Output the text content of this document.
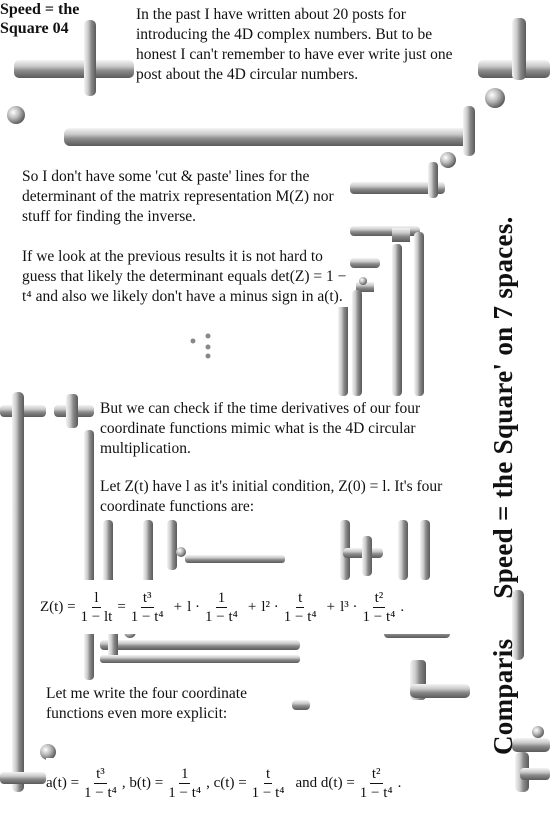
Speed = the
Square 04
In the past I have written about 20 posts for introducing the 4D complex numbers. But to be honest I can't remember to have ever write just one post about the 4D circular numbers.
So I don't have some 'cut & paste' lines for the determinant of the matrix representation M(Z) nor stuff for finding the inverse.
If we look at the previous results it is not hard to guess that likely the determinant equals det(Z) = 1 − t⁴ and also we likely don't have a minus sign in a(t).
But we can check if the time derivatives of our four coordinate functions mimic what is the 4D circular multiplication.
Let Z(t) have l as it's initial condition, Z(0) = l. It's four coordinate functions are:
$Z(t) = \frac{l}{1 - lt} = \frac{\text{t³}}{\text{1 − t⁴}} + l \cdot \frac{1}{\text{1 − t⁴}} + l^2 \cdot \frac{t}{\text{1 − t⁴}} + l^3 \cdot \frac{\text{t²}}{\text{1 − t⁴}}$ .
Let me write the four coordinate functions even more explicit:
$a(t) = \frac{\text{t³}}{\text{1 − t⁴}}$ , $b(t) = \frac{1}{\text{1 − t⁴}}$ , $c(t) = \frac{t}{\text{1 − t⁴}}$ and $d(t) = \frac{\text{t²}}{\text{1 − t⁴}}$ .
ComparisSpeed = the Square' on 7 spaces.
